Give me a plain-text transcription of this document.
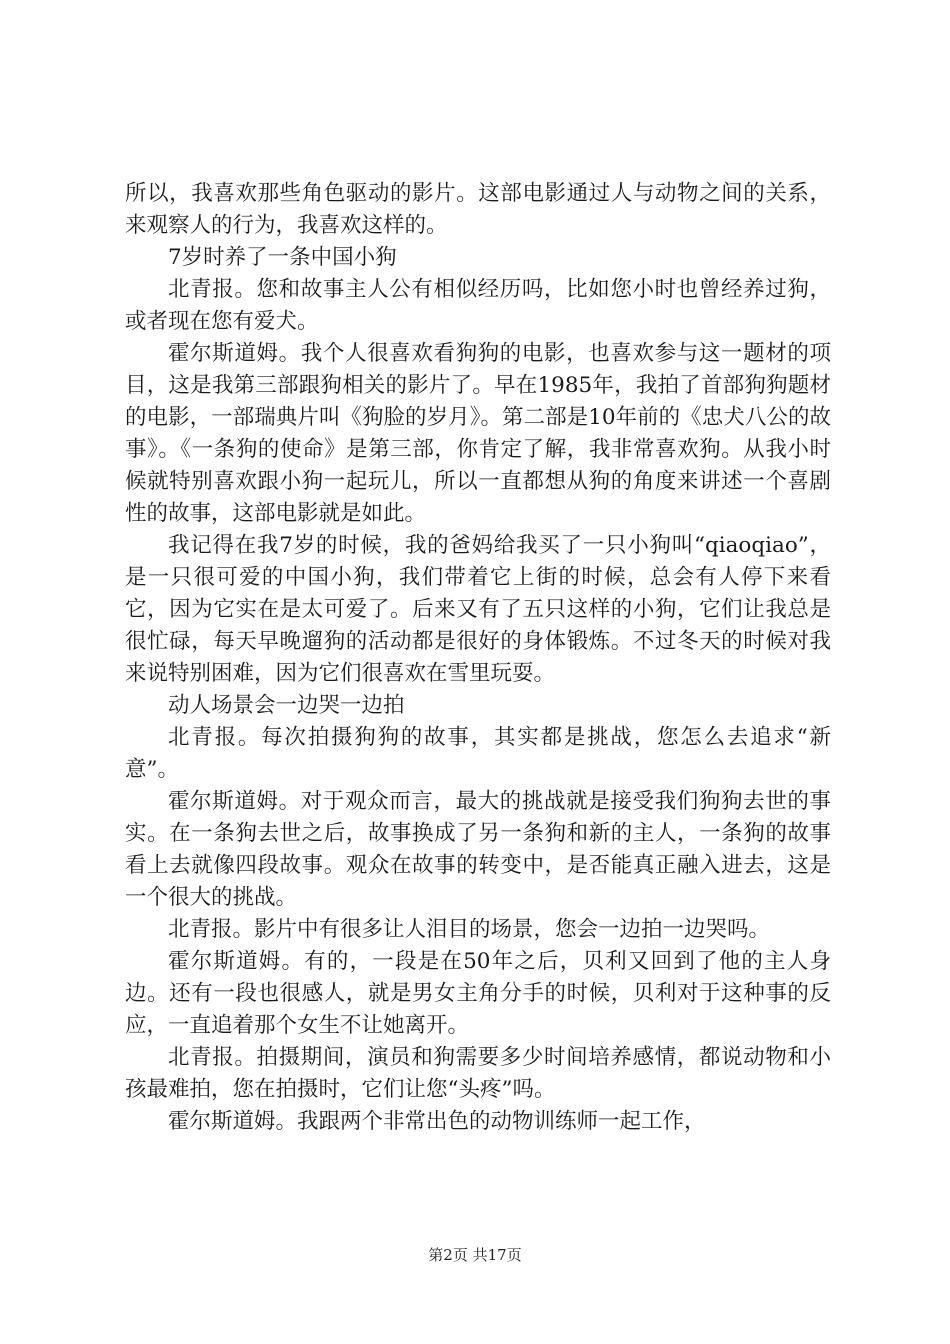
所以，我喜欢那些角色驱动的影片。这部电影通过人与动物之间的关系，来观察人的行为，我喜欢这样的。

7岁时养了一条中国小狗

北青报。您和故事主人公有相似经历吗，比如您小时也曾经养过狗，或者现在您有爱犬。

霍尔斯道姆。我个人很喜欢看狗狗的电影，也喜欢参与这一题材的项目，这是我第三部跟狗相关的影片了。早在1985年，我拍了首部狗狗题材的电影，一部瑞典片叫《狗脸的岁月》。第二部是10年前的《忠犬八公的故事》。《一条狗的使命》是第三部，你肯定了解，我非常喜欢狗。从我小时候就特别喜欢跟小狗一起玩儿，所以一直都想从狗的角度来讲述一个喜剧性的故事，这部电影就是如此。

我记得在我7岁的时候，我的爸妈给我买了一只小狗叫“qiaoqiao”，是一只很可爱的中国小狗，我们带着它上街的时候，总会有人停下来看它，因为它实在是太可爱了。后来又有了五只这样的小狗，它们让我总是很忙碌，每天早晚遛狗的活动都是很好的身体锻炼。不过冬天的时候对我来说特别困难，因为它们很喜欢在雪里玩耍。

动人场景会一边哭一边拍

北青报。每次拍摄狗狗的故事，其实都是挑战，您怎么去追求“新意”。

霍尔斯道姆。对于观众而言，最大的挑战就是接受我们狗狗去世的事实。在一条狗去世之后，故事换成了另一条狗和新的主人，一条狗的故事看上去就像四段故事。观众在故事的转变中，是否能真正融入进去，这是一个很大的挑战。

北青报。影片中有很多让人泪目的场景，您会一边拍一边哭吗。

霍尔斯道姆。有的，一段是在50年之后，贝利又回到了他的主人身边。还有一段也很感人，就是男女主角分手的时候，贝利对于这种事的反应，一直追着那个女生不让她离开。

北青报。拍摄期间，演员和狗需要多少时间培养感情，都说动物和小孩最难拍，您在拍摄时，它们让您“头疼”吗。

霍尔斯道姆。我跟两个非常出色的动物训练师一起工作，

第2页 共17页
